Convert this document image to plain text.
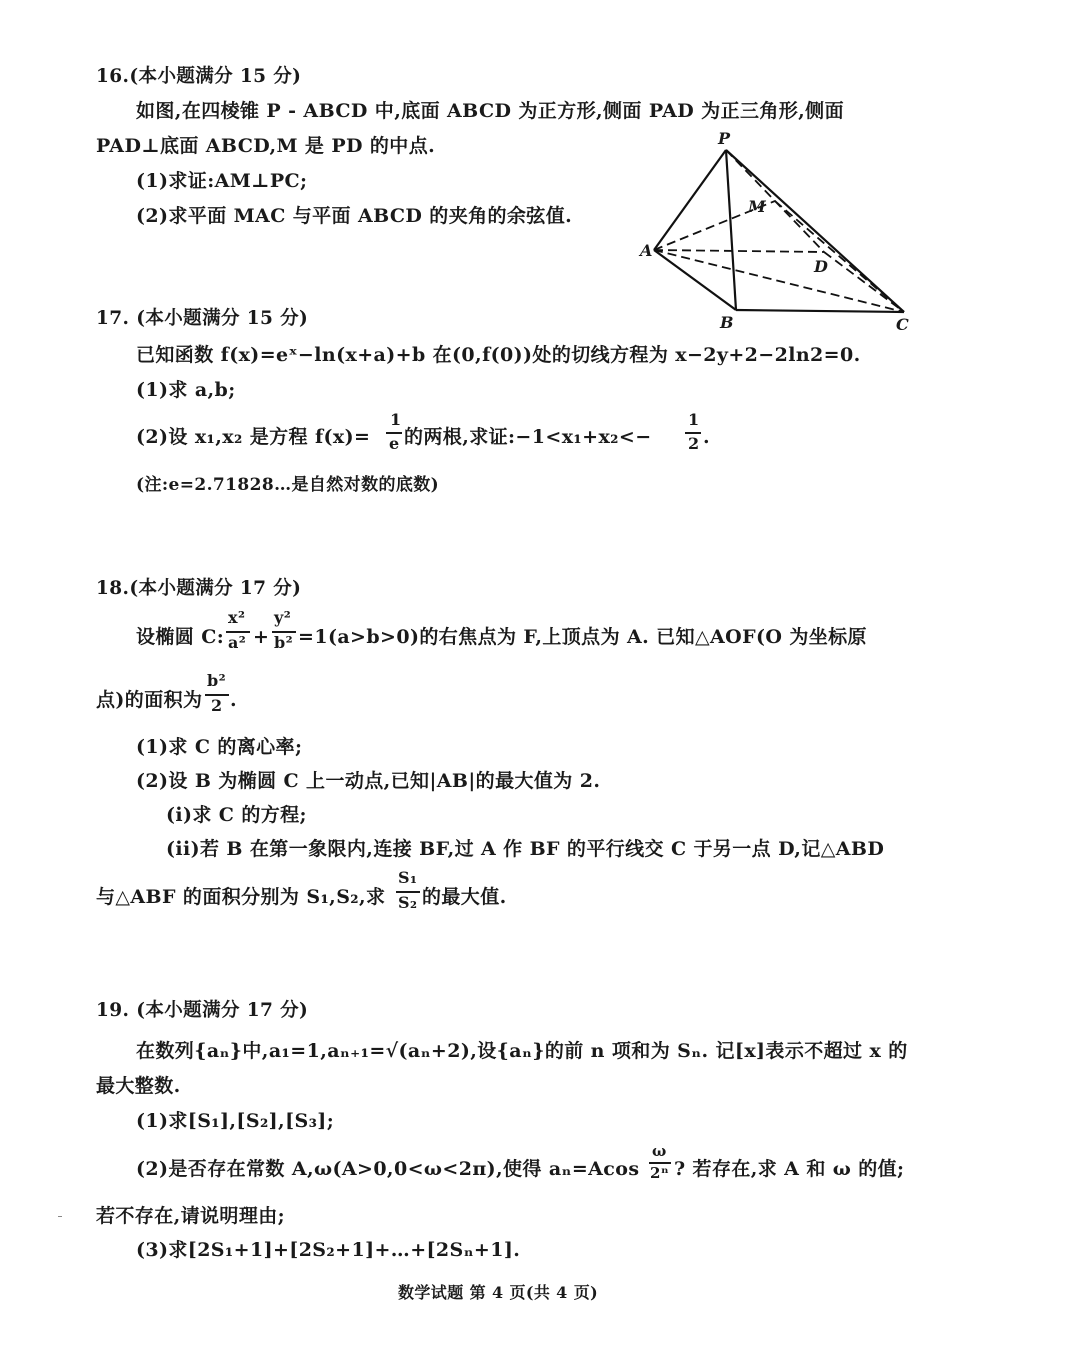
16.(本小题满分 15 分)
如图,在四棱锥 P - ABCD 中,底面 ABCD 为正方形,侧面 PAD 为正三角形,侧面
PAD⊥底面 ABCD,M 是 PD 的中点.
(1)求证:AM⊥PC;
(2)求平面 MAC 与平面 ABCD 的夹角的余弦值.
P
M
A
D
B	C
17. (本小题满分 15 分)
已知函数 f(x)=eˣ−ln(x+a)+b 在(0,f(0))处的切线方程为 x−2y+2−2ln2=0.
(1)求 a,b;
(2)设 x₁,x₂ 是方程 f(x)=
1
e 的两根,求证:−1<x₁+x₂<−
1
2 .
(注:e=2.71828…是自然对数的底数)
18.(本小题满分 17 分)
设椭圆 C:
x²
a² +
y²
b² =1(a>b>0)的右焦点为 F,上顶点为 A. 已知△AOF(O 为坐标原
点)的面积为
b²
2 .
(1)求 C 的离心率;
(2)设 B 为椭圆 C 上一动点,已知|AB|的最大值为 2.
(i)求 C 的方程;
(ii)若 B 在第一象限内,连接 BF,过 A 作 BF 的平行线交 C 于另一点 D,记△ABD
与△ABF 的面积分别为 S₁,S₂,求
S₁
S₂ 的最大值.
19. (本小题满分 17 分)
在数列{aₙ}中,a₁=1,aₙ₊₁=√(aₙ+2),设{aₙ}的前 n 项和为 Sₙ. 记[x]表示不超过 x 的
最大整数.
(1)求[S₁],[S₂],[S₃];
(2)是否存在常数 A,ω(A>0,0<ω<2π),使得 aₙ=Acos
ω
2ⁿ ? 若存在,求 A 和 ω 的值;
若不存在,请说明理由;
(3)求[2S₁+1]+[2S₂+1]+…+[2Sₙ+1].
数学试题 第 4 页(共 4 页)
